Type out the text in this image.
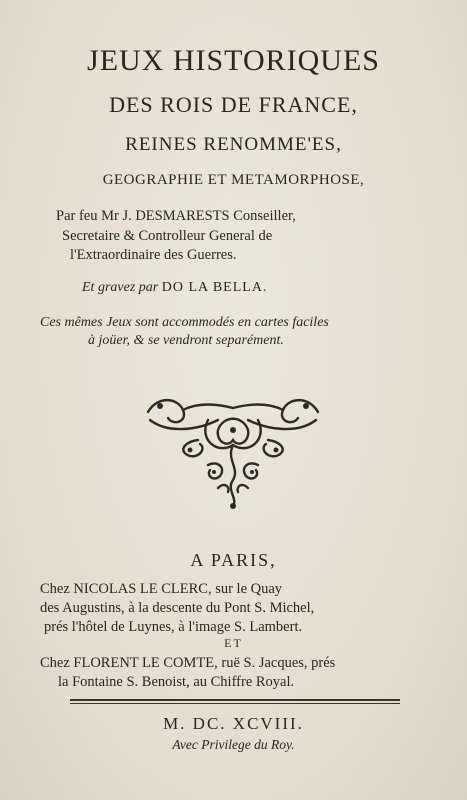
JEUX HISTORIQUES
DES ROIS DE FRANCE,
REINES RENOMME'ES,
GEOGRAPHIE ET METAMORPHOSE,
Par feu Mr J. DESMARESTS Conseiller,
Secretaire & Controlleur General de
l'Extraordinaire des Guerres.
Et gravez par DO LA BELLA.
Ces mêmes Jeux sont accommodés en cartes faciles
à joüer, & se vendront separément.
A PARIS,
Chez NICOLAS LE CLERC, sur le Quay
des Augustins, à la descente du Pont S. Michel,
prés l'hôtel de Luynes, à l'image S. Lambert.
ET
Chez FLORENT LE COMTE, ruë S. Jacques, prés
la Fontaine S. Benoist, au Chiffre Royal.
M. DC. XCVIII.
Avec Privilege du Roy.
